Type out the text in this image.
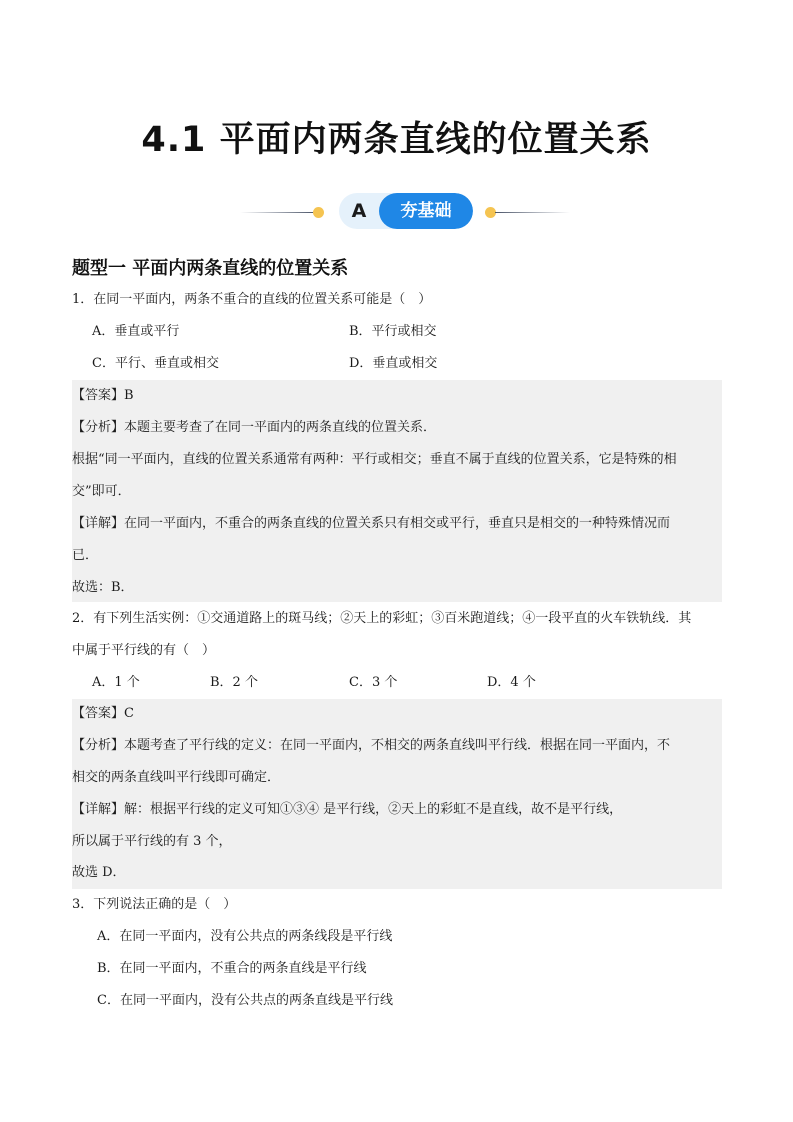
4.1 平面内两条直线的位置关系
A	夯基础
题型一 平面内两条直线的位置关系
1．在同一平面内，两条不重合的直线的位置关系可能是（　）
A．垂直或平行	B．平行或相交
C．平行、垂直或相交	D．垂直或相交
【答案】B
【分析】本题主要考查了在同一平面内的两条直线的位置关系．
根据“同一平面内，直线的位置关系通常有两种：平行或相交；垂直不属于直线的位置关系，它是特殊的相
交”即可．
【详解】在同一平面内，不重合的两条直线的位置关系只有相交或平行，垂直只是相交的一种特殊情况而
已．
故选：B．
2．有下列生活实例：①交通道路上的斑马线；②天上的彩虹；③百米跑道线；④一段平直的火车铁轨线．其
中属于平行线的有（　）
A．1 个	B．2 个	C．3 个	D．4 个
【答案】C
【分析】本题考查了平行线的定义：在同一平面内，不相交的两条直线叫平行线．根据在同一平面内，不
相交的两条直线叫平行线即可确定．
【详解】解：根据平行线的定义可知①③④ 是平行线，②天上的彩虹不是直线，故不是平行线，
所以属于平行线的有 3 个，
故选 D．
3．下列说法正确的是（　）
A．在同一平面内，没有公共点的两条线段是平行线
B．在同一平面内，不重合的两条直线是平行线
C．在同一平面内，没有公共点的两条直线是平行线
